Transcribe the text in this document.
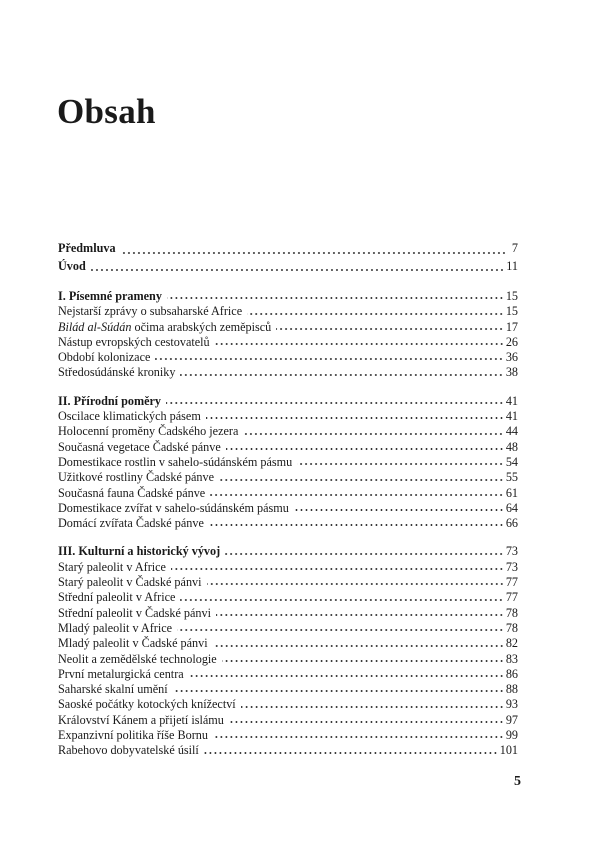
Obsah
Předmluva	7
Úvod	11
I. Písemné prameny	15
Nejstarší zprávy o subsaharské Africe	15
Bilád al-Súdán očima arabských zeměpisců	17
Nástup evropských cestovatelů	26
Období kolonizace	36
Středosúdánské kroniky	38
II. Přírodní poměry	41
Oscilace klimatických pásem	41
Holocenní proměny Čadského jezera	44
Současná vegetace Čadské pánve	48
Domestikace rostlin v sahelo-súdánském pásmu	54
Užitkové rostliny Čadské pánve	55
Současná fauna Čadské pánve	61
Domestikace zvířat v sahelo-súdánském pásmu	64
Domácí zvířata Čadské pánve	66
III. Kulturní a historický vývoj	73
Starý paleolit v Africe	73
Starý paleolit v Čadské pánvi	77
Střední paleolit v Africe	77
Střední paleolit v Čadské pánvi	78
Mladý paleolit v Africe	78
Mladý paleolit v Čadské pánvi	82
Neolit a zemědělské technologie	83
První metalurgická centra	86
Saharské skalní umění	88
Saoské počátky kotockých knížectví	93
Království Kánem a přijetí islámu	97
Expanzivní politika říše Bornu	99
Rabehovo dobyvatelské úsilí	101
5
